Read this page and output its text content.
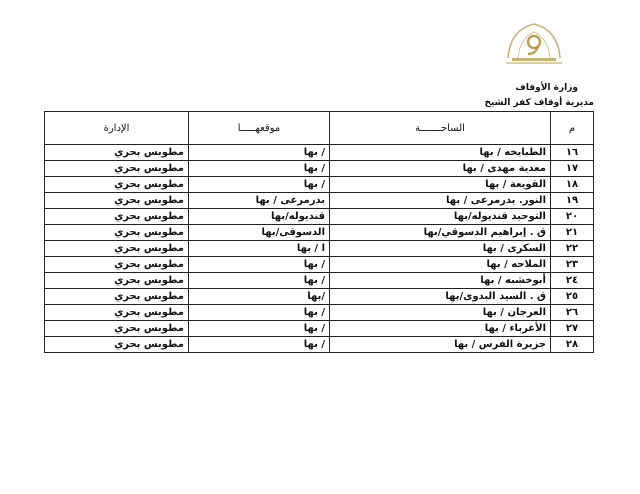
وزارة الأوقاف
مديرية أوقاف كفر الشيخ
م	الساحـــــــة	موقعهـــــا	الإدارة
١٦	الطبايخه / بها	/ بها	مطوبس بحري
١٧	معدية مهدى / بها	/ بها	مطوبس بحري
١٨	القويعة / بها	/ بها	مطوبس بحري
١٩	النور. بدرمرعى / بها	بدرمرعى / بها	مطوبس بحري
٢٠	التوحيد قنديوله/بها	قنديوله/بها	مطوبس بحري
٢١	ق . إبراهيم الدسوقي/بها	الدسوقى/بها	مطوبس بحري
٢٢	السكرى / بها	ا / بها	مطوبس بحري
٢٣	الملاحه / بها	/ بها	مطوبس بحري
٢٤	أبوخشبه / بها	/ بها	مطوبس بحري
٢٥	ق . السيد البدوى/بها	/بها	مطوبس بحري
٢٦	العرجان / بها	/ بها	مطوبس بحري
٢٧	الأغرباء / بها	/ بها	مطوبس بحري
٢٨	جزيرة الفرس / بها	/ بها	مطوبس بحري
